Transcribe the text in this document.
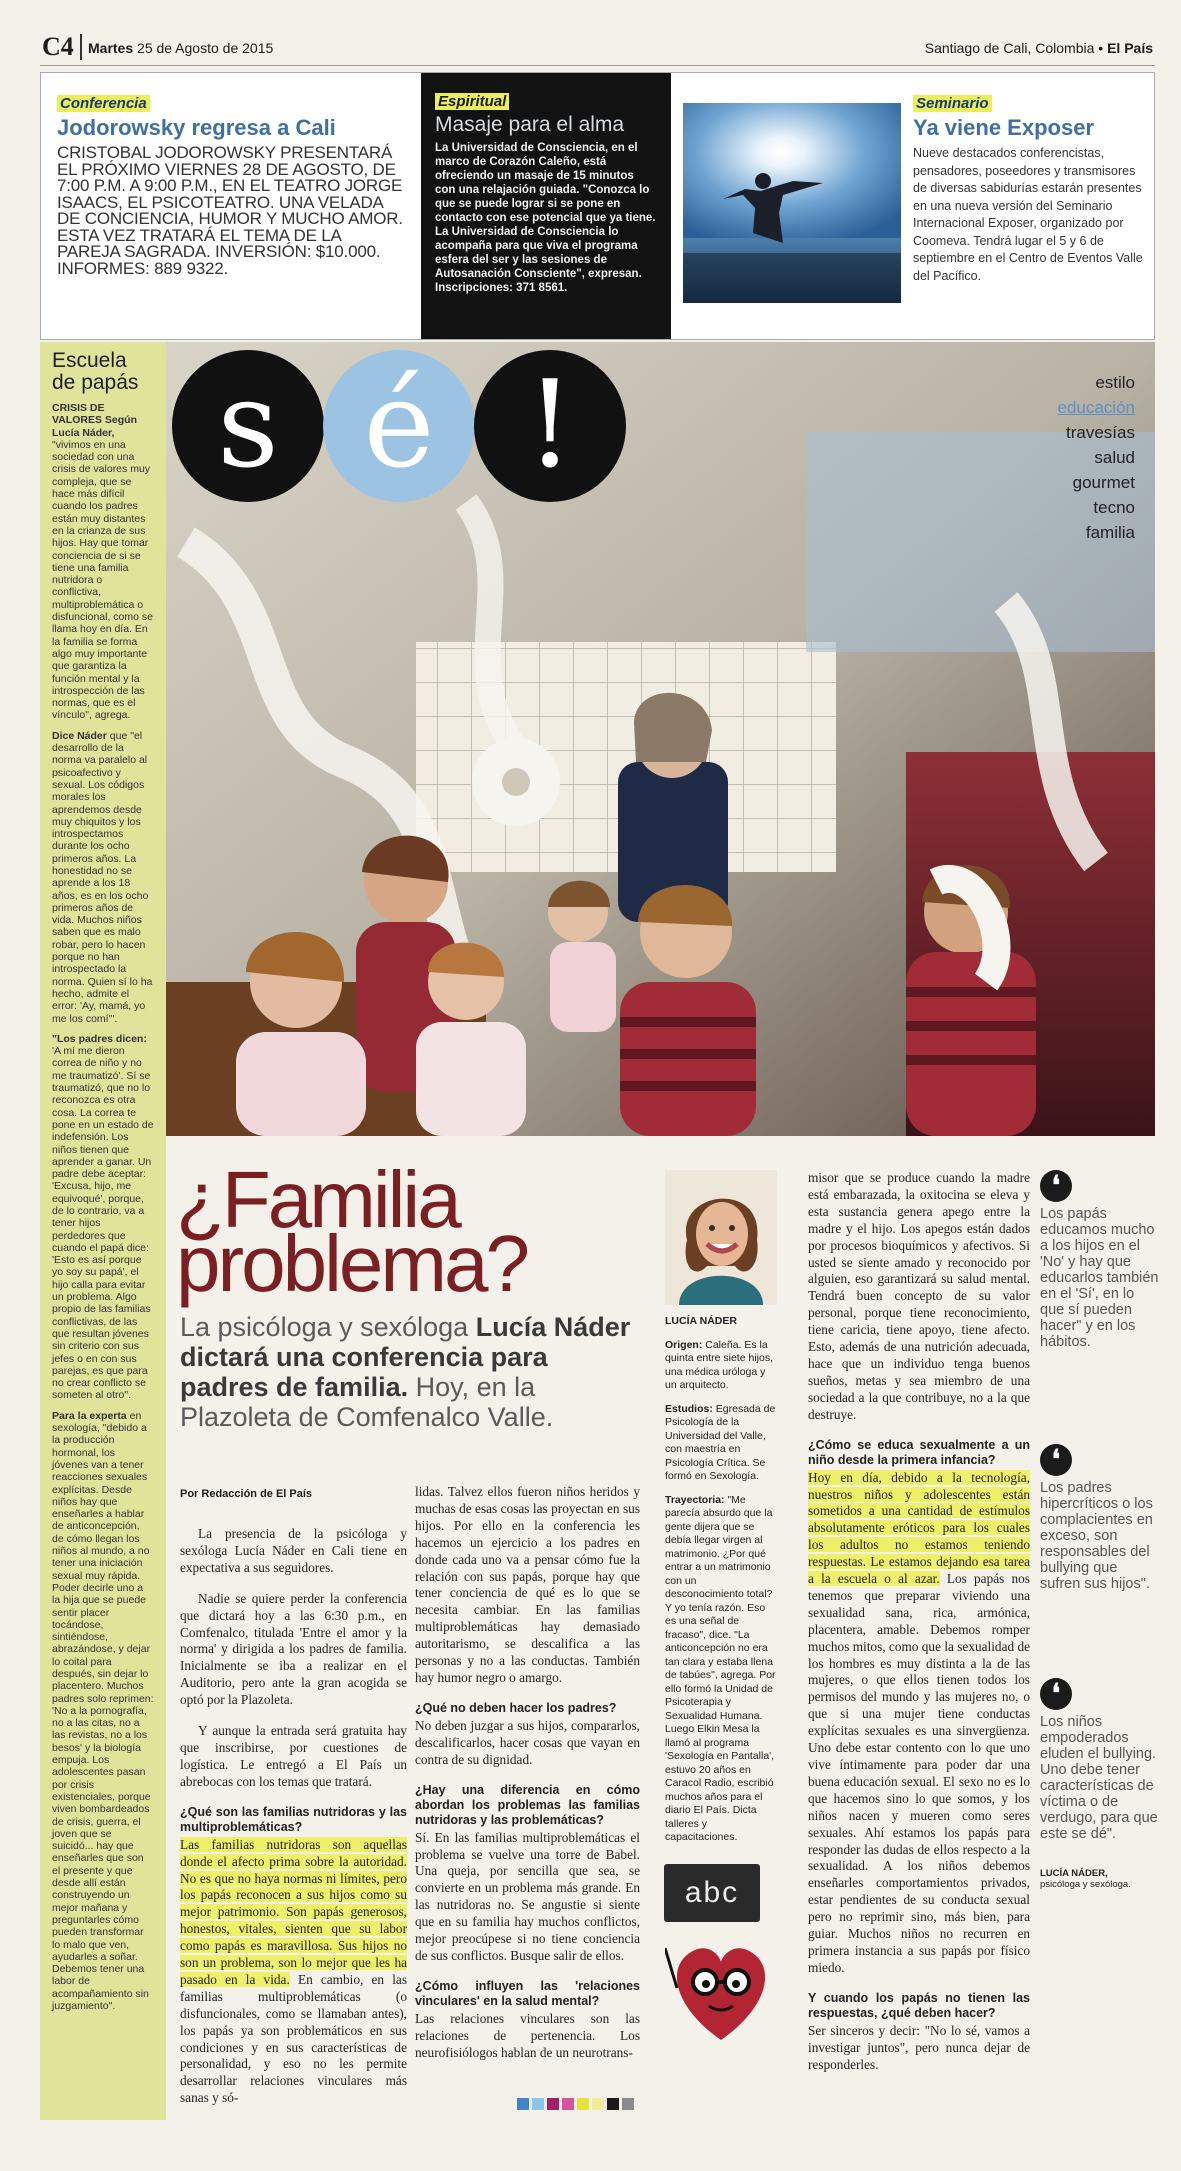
C4 Martes 25 de Agosto de 2015	Santiago de Cali, Colombia • El País
Conferencia
Jodorowsky regresa a Cali
CRISTOBAL JODOROWSKY PRESENTARÁ EL PRÓXIMO VIERNES 28 DE AGOSTO, DE 7:00 P.M. A 9:00 P.M., EN EL TEATRO JORGE ISAACS, EL PSICOTEATRO. UNA VELADA DE CONCIENCIA, HUMOR Y MUCHO AMOR. ESTA VEZ TRATARÁ EL TEMA DE LA PAREJA SAGRADA. INVERSIÓN: $10.000. INFORMES: 889 9322.
Espiritual
Masaje para el alma
La Universidad de Consciencia, en el marco de Corazón Caleño, está ofreciendo un masaje de 15 minutos con una relajación guiada. "Conozca lo que se puede lograr si se pone en contacto con ese potencial que ya tiene. La Universidad de Consciencia lo acompaña para que viva el programa esfera del ser y las sesiones de Autosanación Consciente", expresan. Inscripciones: 371 8561.
Seminario
Ya viene Exposer
Nueve destacados conferencistas, pensadores, poseedores y transmisores de diversas sabidurías estarán presentes en una nueva versión del Seminario Internacional Exposer, organizado por Coomeva. Tendrá lugar el 5 y 6 de septiembre en el Centro de Eventos Valle del Pacífico.
Escuela
de papás

CRISIS DE VALORES Según Lucía Náder, "vivimos en una sociedad con una crisis de valores muy compleja, que se hace más difícil cuando los padres están muy distantes en la crianza de sus hijos. Hay que tomar conciencia de si se tiene una familia nutridora o conflictiva, multiproblemática o disfuncional, como se llama hoy en día. En la familia se forma algo muy importante que garantiza la función mental y la introspección de las normas, que es el vínculo", agrega.

Dice Náder que "el desarrollo de la norma va paralelo al psicoafectivo y sexual. Los códigos morales los aprendemos desde muy chiquitos y los introspectamos durante los ocho primeros años. La honestidad no se aprende a los 18 años, es en los ocho primeros años de vida. Muchos niños saben que es malo robar, pero lo hacen porque no han introspectado la norma. Quien sí lo ha hecho, admite el error: 'Ay, mamá, yo me los comí'".

"Los padres dicen: 'A mí me dieron correa de niño y no me traumatizó'. Sí se traumatizó, que no lo reconozca es otra cosa. La correa te pone en un estado de indefensión. Los niños tienen que aprender a ganar. Un padre debe aceptar: 'Excusa, hijo, me equivoqué', porque, de lo contrario, va a tener hijos perdedores que cuando el papá dice: 'Esto es así porque yo soy su papá', el hijo calla para evitar un problema. Algo propio de las familias conflictivas, de las que resultan jóvenes sin criterio con sus jefes o en con sus parejas, es que para no crear conflicto se someten al otro".

Para la experta en sexología, "debido a la producción hormonal, los jóvenes van a tener reacciones sexuales explícitas. Desde niños hay que enseñarles a hablar de anticoncepción, de cómo llegan los niños al mundo, a no tener una iniciación sexual muy rápida. Poder decirle uno a la hija que se puede sentir placer tocándose, sintiéndose, abrazándose, y dejar lo coital para después, sin dejar lo placentero. Muchos padres solo reprimen: 'No a la pornografía, no a las citas, no a las revistas, no a los besos' y la biología empuja. Los adolescentes pasan por crisis existenciales, porque viven bombardeados de crisis, guerra, el joven que se suicidó... hay que enseñarles que son el presente y que desde allí están construyendo un mejor mañana y preguntarles cómo pueden transformar lo malo que ven, ayudarles a soñar. Debemos tener una labor de acompañamiento sin juzgamiento".

s é !	estilo
educación
travesías
salud
gourmet
tecno
familia
¿Familia
problema?
La psicóloga y sexóloga Lucía Náder dictará una conferencia para padres de familia. Hoy, en la Plazoleta de Comfenalco Valle.
Por Redacción de El País

La presencia de la psicóloga y sexóloga Lucía Náder en Cali tiene en expectativa a sus seguidores.

Nadie se quiere perder la conferencia que dictará hoy a las 6:30 p.m., en Comfenalco, titulada 'Entre el amor y la norma' y dirigida a los padres de familia. Inicialmente se iba a realizar en el Auditorio, pero ante la gran acogida se optó por la Plazoleta.

Y aunque la entrada será gratuita hay que inscribirse, por cuestiones de logística. Le entregó a El País un abrebocas con los temas que tratará.

¿Qué son las familias nutridoras y las multiproblemáticas?

Las familias nutridoras son aquellas donde el afecto prima sobre la autoridad. No es que no haya normas ni límites, pero los papás reconocen a sus hijos como su mejor patrimonio. Son papás generosos, honestos, vitales, sienten que su labor como papás es maravillosa. Sus hijos no son un problema, son lo mejor que les ha pasado en la vida. En cambio, en las familias multiproblemáticas (o disfuncionales, como se llamaban antes), los papás ya son problemáticos en sus condiciones y en sus características de personalidad, y eso no les permite desarrollar relaciones vinculares más sanas y só-

lidas. Talvez ellos fueron niños heridos y muchas de esas cosas las proyectan en sus hijos. Por ello en la conferencia les hacemos un ejercicio a los padres en donde cada uno va a pensar cómo fue la relación con sus papás, porque hay que tener conciencia de qué es lo que se necesita cambiar. En las familias multiproblemáticas hay demasiado autoritarismo, se descalifica a las personas y no a las conductas. También hay humor negro o amargo.

¿Qué no deben hacer los padres?

No deben juzgar a sus hijos, compararlos, descalificarlos, hacer cosas que vayan en contra de su dignidad.

¿Hay una diferencia en cómo abordan los problemas las familias nutridoras y las problemáticas?

Sí. En las familias multiproblemáticas el problema se vuelve una torre de Babel. Una queja, por sencilla que sea, se convierte en un problema más grande. En las nutridoras no. Se angustie si siente que en su familia hay muchos conflictos, mejor preocúpese si no tiene conciencia de sus conflictos. Busque salir de ellos.

¿Cómo influyen las 'relaciones vinculares' en la salud mental?

Las relaciones vinculares son las relaciones de pertenencia. Los neurofisiólogos hablan de un neurotrans-

LUCÍA NÁDER
Origen: Caleña. Es la quinta entre siete hijos, una médica uróloga y un arquitecto.
Estudios: Egresada de Psicología de la Universidad del Valle, con maestría en Psicología Crítica. Se formó en Sexología.
Trayectoria: "Me parecía absurdo que la gente dijera que se debía llegar virgen al matrimonio. ¿Por qué entrar a un matrimonio con un desconocimiento total? Y yo tenía razón. Eso es una señal de fracaso", dice. "La anticoncepción no era tan clara y estaba llena de tabúes", agrega. Por ello formó la Unidad de Psicoterapia y Sexualidad Humana. Luego Elkin Mesa la llamó al programa 'Sexología en Pantalla', estuvo 20 años en Caracol Radio, escribió muchos años para el diario El País. Dicta talleres y capacitaciones.
abc

misor que se produce cuando la madre está embarazada, la oxitocina se eleva y esta sustancia genera apego entre la madre y el hijo. Los apegos están dados por procesos bioquímicos y afectivos. Si usted se siente amado y reconocido por alguien, eso garantizará su salud mental. Tendrá buen concepto de su valor personal, porque tiene reconocimiento, tiene caricia, tiene apoyo, tiene afecto. Esto, además de una nutrición adecuada, hace que un individuo tenga buenos sueños, metas y sea miembro de una sociedad a la que contribuye, no a la que destruye.

¿Cómo se educa sexualmente a un niño desde la primera infancia?

Hoy en día, debido a la tecnología, nuestros niños y adolescentes están sometidos a una cantidad de estímulos absolutamente eróticos para los cuales los adultos no estamos teniendo respuestas. Le estamos dejando esa tarea a la escuela o al azar. Los papás nos tenemos que preparar viviendo una sexualidad sana, rica, armónica, placentera, amable. Debemos romper muchos mitos, como que la sexualidad de los hombres es muy distinta a la de las mujeres, o que ellos tienen todos los permisos del mundo y las mujeres no, o que si una mujer tiene conductas explícitas sexuales es una sinvergüenza. Uno debe estar contento con lo que uno vive íntimamente para poder dar una buena educación sexual. El sexo no es lo que hacemos sino lo que somos, y los niños nacen y mueren como seres sexuales. Ahí estamos los papás para responder las dudas de ellos respecto a la sexualidad. A los niños debemos enseñarles comportamientos privados, estar pendientes de su conducta sexual pero no reprimir sino, más bien, para guiar. Muchos niños no recurren en primera instancia a sus papás por físico miedo.

Y cuando los papás no tienen las respuestas, ¿qué deben hacer?

Ser sinceros y decir: "No lo sé, vamos a investigar juntos", pero nunca dejar de responderles.

❛
Los papás educamos mucho a los hijos en el 'No' y hay que educarlos también en el 'Sí', en lo que sí pueden hacer" y en los hábitos.
❛
Los padres hipercríticos o los complacientes en exceso, son responsables del bullying que sufren sus hijos".
❛
Los niños empoderados eluden el bullying. Uno debe tener características de víctima o de verdugo, para que este se dé".
LUCÍA NÁDER,
psicóloga y sexóloga.
